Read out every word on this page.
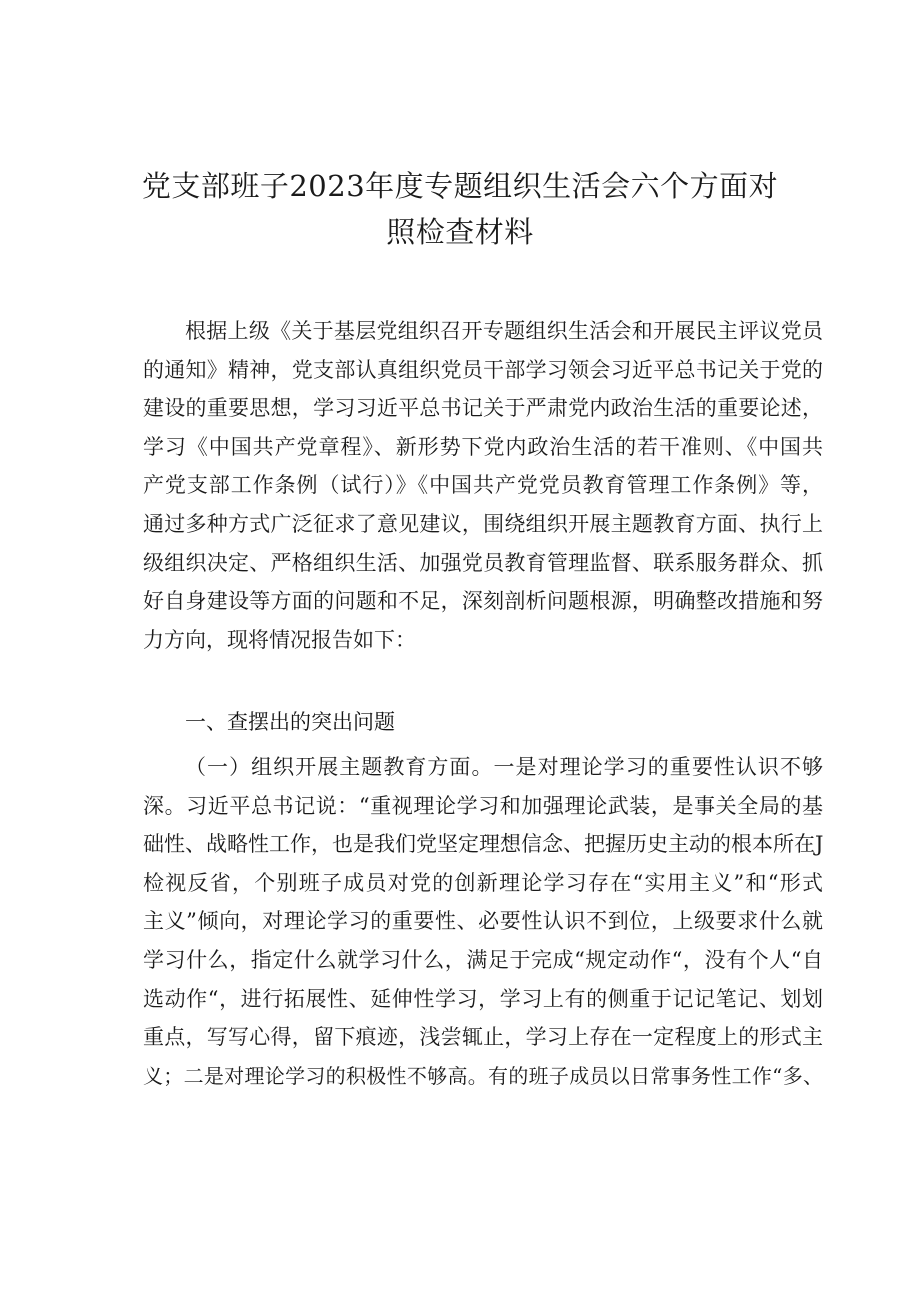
党支部班子2023年度专题组织生活会六个方面对
照检查材料
根据上级《关于基层党组织召开专题组织生活会和开展民主评议党员
的通知》精神，党支部认真组织党员干部学习领会习近平总书记关于党的
建设的重要思想，学习习近平总书记关于严肃党内政治生活的重要论述，
学习《中国共产党章程》、新形势下党内政治生活的若干准则、《中国共
产党支部工作条例（试行）》《中国共产党党员教育管理工作条例》等，
通过多种方式广泛征求了意见建议，围绕组织开展主题教育方面、执行上
级组织决定、严格组织生活、加强党员教育管理监督、联系服务群众、抓
好自身建设等方面的问题和不足，深刻剖析问题根源，明确整改措施和努
力方向，现将情况报告如下：
一、查摆出的突出问题
（一）组织开展主题教育方面。一是对理论学习的重要性认识不够
深。习近平总书记说：“重视理论学习和加强理论武装，是事关全局的基
础性、战略性工作，也是我们党坚定理想信念、把握历史主动的根本所在J
检视反省，个别班子成员对党的创新理论学习存在“实用主义”和“形式
主义”倾向，对理论学习的重要性、必要性认识不到位，上级要求什么就
学习什么，指定什么就学习什么，满足于完成“规定动作“，没有个人“自
选动作“，进行拓展性、延伸性学习，学习上有的侧重于记记笔记、划划
重点，写写心得，留下痕迹，浅尝辄止，学习上存在一定程度上的形式主
义；二是对理论学习的积极性不够高。有的班子成员以日常事务性工作“多、
